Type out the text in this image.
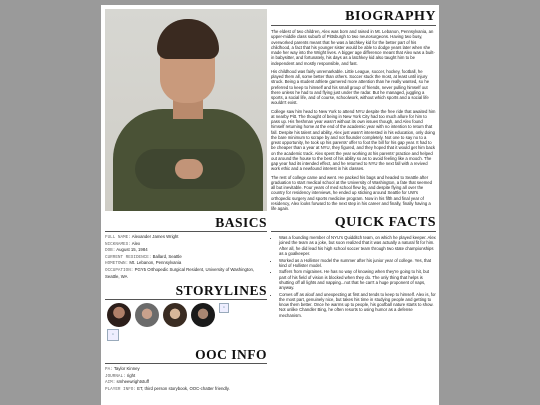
BASICS
FULL NAME: Alexander James Wright
NICKNAMES: Alex
DOB: August 15, 1984
CURRENT RESIDENCE: Ballard, Seattle
HOMETOWN: Mt. Lebanon, Pennsylvania
OCCUPATION: PGY5 Orthopedic Surgical Resident, University of Washington, Seattle, WA
STORYLINES
▫
▫
OOC INFO
PA: Taylor Kinney
JOURNAL: right
AIM: smheewrightstuff
PLAYER INFO: ET, third person storybook, OOC-chatter friendly.
BIOGRAPHY

The eldest of two children, Alex was born and raised in Mt. Lebanon, Pennsylvania, an upper-middle class suburb of Pittsburgh to two neurosurgeons. Having two busy, overworked parents meant that he was a latchkey kid for the better part of his childhood, a fact that his younger sister would be able to dodge years later when she made her way into the Wright lives. A bigger age difference meant that Alex was a built-in babysitter, and fortunately, his days as a latchkey kid also taught him to be independent and mostly responsible, and fast.

His childhood was fairly unremarkable. Little League, soccer, hockey, football, he played them all, some better than others. Soccer stuck the most, at least until injury struck. Being a student athlete garnered more attention than he really wanted, so he preferred to keep to himself and his small group of friends, never pulling himself out there unless he had to and flying just under the radar. But he managed, juggling a sports, a social life, and of course, schoolwork, without which sports and a social life wouldn't exist.

College saw him head to New York to attend NYU despite the free ride that awaited him at nearby Pitt. The thought of being in New York City had too much allure for him to pass up. His freshman year wasn't without its own issues though, and Alex found himself returning home at the end of the academic year with no intention to return that fall. Despite his talent and ability, Alex just wasn't interested in his education, only doing the bare minimum to scrape by and not flounder completely. Not one to say no to a great opportunity, he took up his parents' offer to foot the bill for his gap year. It had to be cheaper than a year at NYU, they figured, and they hoped that it would get him back on the academic track. Alex spent the year working at his parents' practice and helped out around the house to the best of his ability so as to avoid feeling like a mooch. The gap year had its intended effect, and he returned to NYU the next fall with a revived work ethic and a newfound interest in his classes.

The rest of college came and went. He packed his bags and headed to Seattle after graduation to start medical school at the University of Washington, a fate that seemed all but inevitable. Four years of med school flew by, and despite flying all over the country for residency interviews, he ended up sticking around Seattle for UW's orthopedic surgery and sports medicine program. Now in his fifth and final year of residency, Alex looks forward to the next step in his career and finally, finally having a life again.

QUICK FACTS
• Was a founding member of NYU's Quidditch team, on which he played keeper. Alex joined the team as a joke, but soon realized that it was actually a natural fit for him. After all, he did lead his high school soccer team through two state championships as a goalkeeper.
• Worked as a Hollister model the summer after his junior year of college. Yes, that kind of Hollister model.
• Suffers from migraines. He has no way of knowing when they're going to hit, but part of his field of vision is blocked when they do. The only thing that helps is shutting off all lights and napping...not that he can't a huge proponent of naps, anyway.
• Comes off as aloof and unexpecting at first and tends to keep to himself. Alex is, for the most part, genuinely nice, but takes his time in studying people and getting to know them better. Once he warms up to people, his goofball nature starts to show. Not unlike Chandler Bing, he often resorts to using humor as a defense mechanism.
